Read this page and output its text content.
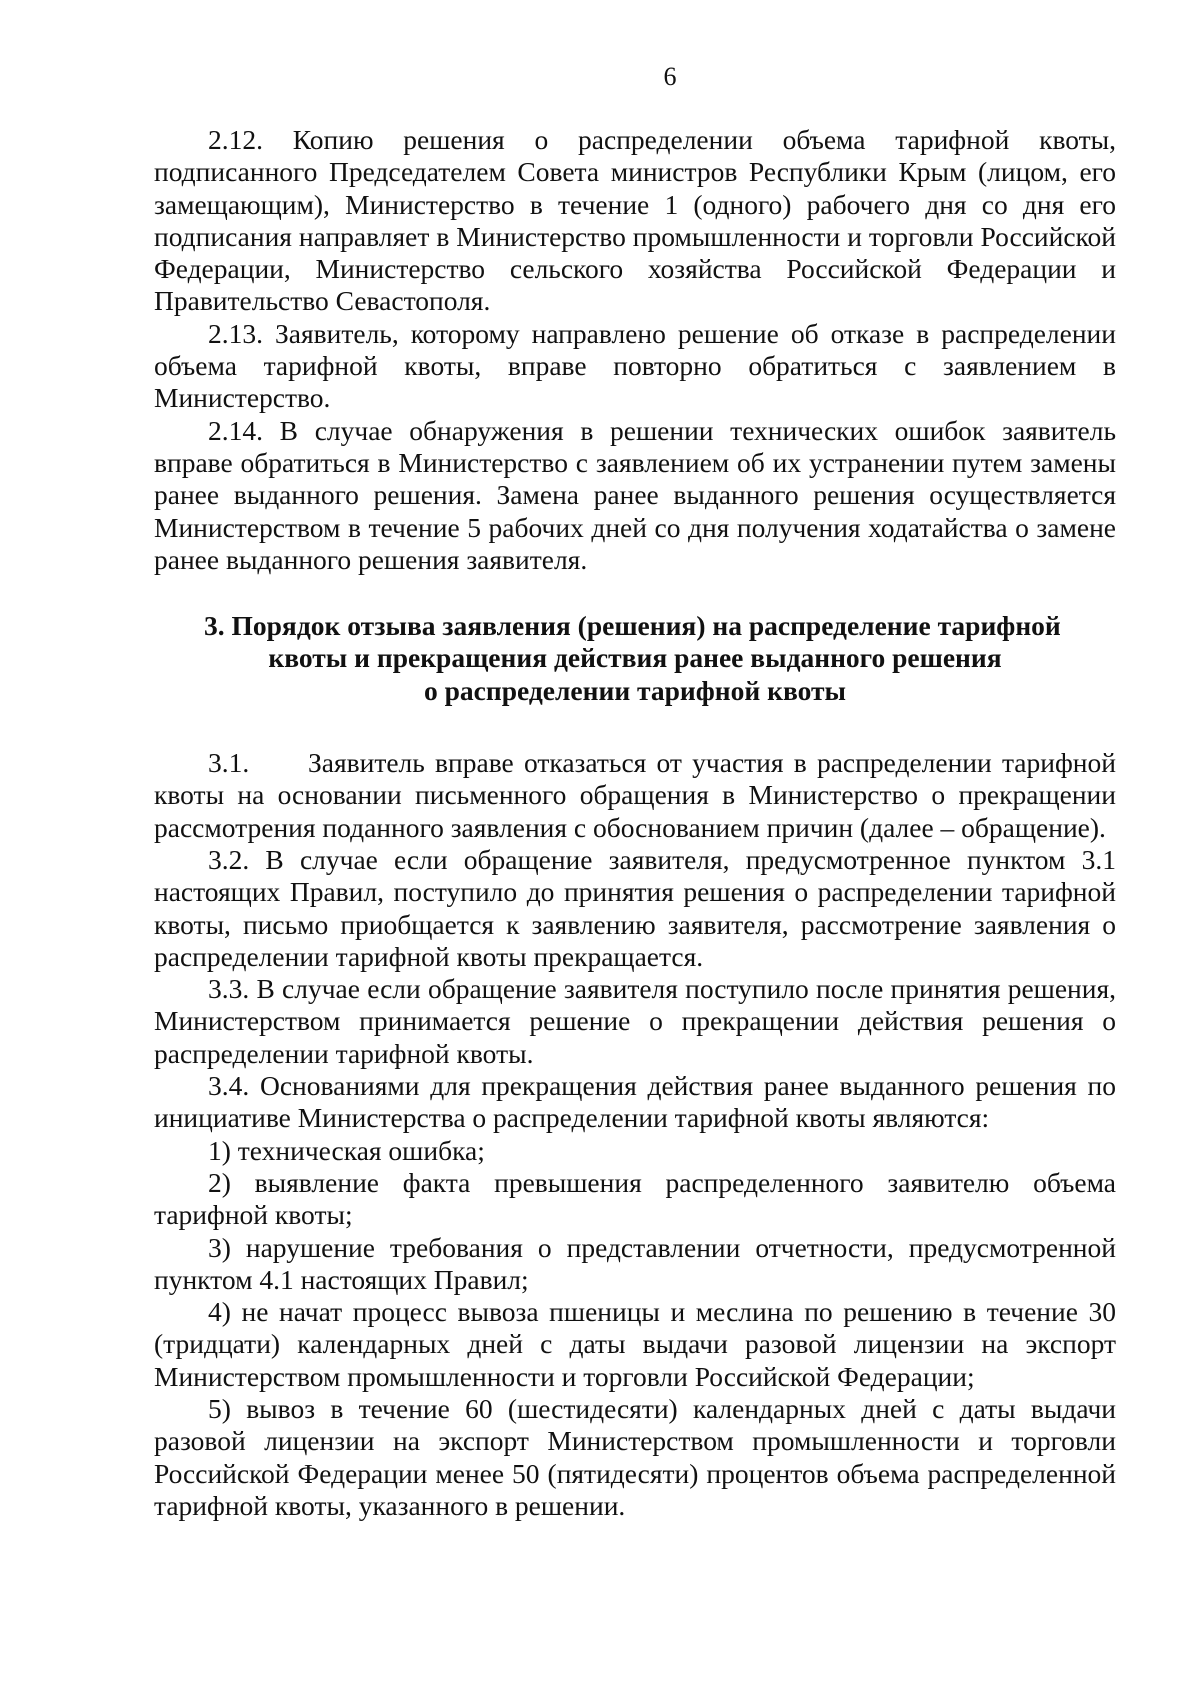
6

2.12. Копию решения о распределении объема тарифной квоты, подписанного Председателем Совета министров Республики Крым (лицом, его замещающим), Министерство в течение 1 (одного) рабочего дня со дня его подписания направляет в Министерство промышленности и торговли Российской Федерации, Министерство сельского хозяйства Российской Федерации и Правительство Севастополя.

2.13. Заявитель, которому направлено решение об отказе в распределении объема тарифной квоты, вправе повторно обратиться с заявлением в Министерство.

2.14. В случае обнаружения в решении технических ошибок заявитель вправе обратиться в Министерство с заявлением об их устранении путем замены ранее выданного решения. Замена ранее выданного решения осуществляется Министерством в течение 5 рабочих дней со дня получения ходатайства о замене ранее выданного решения заявителя.

3. Порядок отзыва заявления (решения) на распределение тарифной
квоты и прекращения действия ранее выданного решения
о распределении тарифной квоты

3.1. Заявитель вправе отказаться от участия в распределении тарифной квоты на основании письменного обращения в Министерство о прекращении рассмотрения поданного заявления с обоснованием причин (далее – обращение).

3.2. В случае если обращение заявителя, предусмотренное пунктом 3.1 настоящих Правил, поступило до принятия решения о распределении тарифной квоты, письмо приобщается к заявлению заявителя, рассмотрение заявления о распределении тарифной квоты прекращается.

3.3. В случае если обращение заявителя поступило после принятия решения, Министерством принимается решение о прекращении действия решения о распределении тарифной квоты.

3.4. Основаниями для прекращения действия ранее выданного решения по инициативе Министерства о распределении тарифной квоты являются:

1) техническая ошибка;

2) выявление факта превышения распределенного заявителю объема тарифной квоты;

3) нарушение требования о представлении отчетности, предусмотренной пунктом 4.1 настоящих Правил;

4) не начат процесс вывоза пшеницы и меслина по решению в течение 30 (тридцати) календарных дней с даты выдачи разовой лицензии на экспорт Министерством промышленности и торговли Российской Федерации;

5) вывоз в течение 60 (шестидесяти) календарных дней с даты выдачи разовой лицензии на экспорт Министерством промышленности и торговли Российской Федерации менее 50 (пятидесяти) процентов объема распределенной тарифной квоты, указанного в решении.
